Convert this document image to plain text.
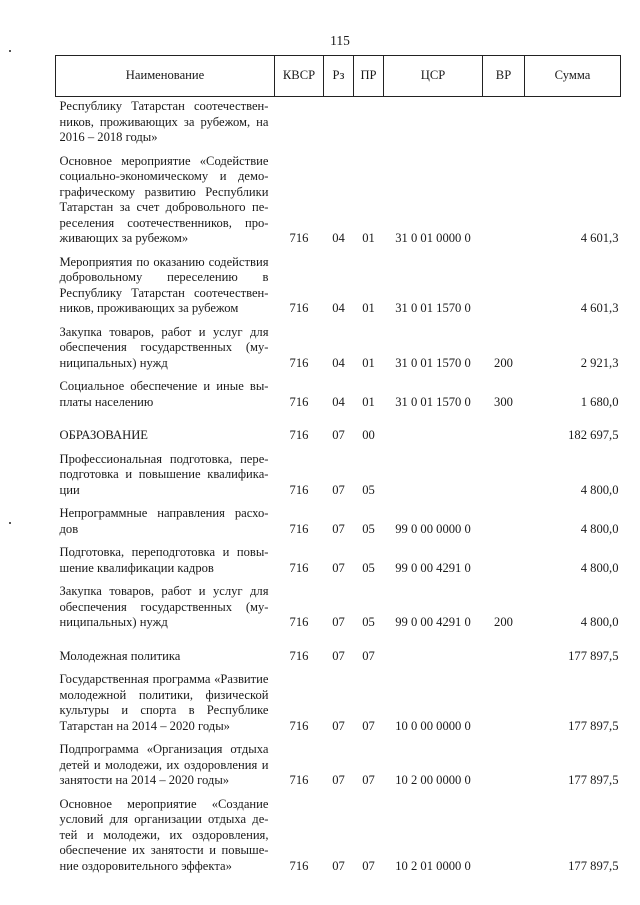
115
Наименование	КВСР	Рз	ПР	ЦСР	ВР	Сумма
Республику Татарстан соотечественников, проживающих за рубежом, на 2016 – 2018 годы»						
Основное мероприятие «Содействие социально-экономическому и демографическому развитию Республики Татарстан за счет добровольного переселения соотечественников, проживающих за рубежом»	716	04	01	31 0 01 0000 0		4 601,3
Мероприятия по оказанию содействия добровольному переселению в Республику Татарстан соотечественников, проживающих за рубежом	716	04	01	31 0 01 1570 0		4 601,3
Закупка товаров, работ и услуг для обеспечения государственных (муниципальных) нужд	716	04	01	31 0 01 1570 0	200	2 921,3
Социальное обеспечение и иные выплаты населению	716	04	01	31 0 01 1570 0	300	1 680,0
ОБРАЗОВАНИЕ	716	07	00			182 697,5
Профессиональная подготовка, переподготовка и повышение квалификации	716	07	05			4 800,0
Непрограммные направления расходов	716	07	05	99 0 00 0000 0		4 800,0
Подготовка, переподготовка и повышение квалификации кадров	716	07	05	99 0 00 4291 0		4 800,0
Закупка товаров, работ и услуг для обеспечения государственных (муниципальных) нужд	716	07	05	99 0 00 4291 0	200	4 800,0
Молодежная политика	716	07	07			177 897,5
Государственная программа «Развитие молодежной политики, физической культуры и спорта в Республике Татарстан на 2014 – 2020 годы»	716	07	07	10 0 00 0000 0		177 897,5
Подпрограмма «Организация отдыха детей и молодежи, их оздоровления и занятости на 2014 – 2020 годы»	716	07	07	10 2 00 0000 0		177 897,5
Основное мероприятие «Создание условий для организации отдыха детей и молодежи, их оздоровления, обеспечение их занятости и повышение оздоровительного эффекта»	716	07	07	10 2 01 0000 0		177 897,5
